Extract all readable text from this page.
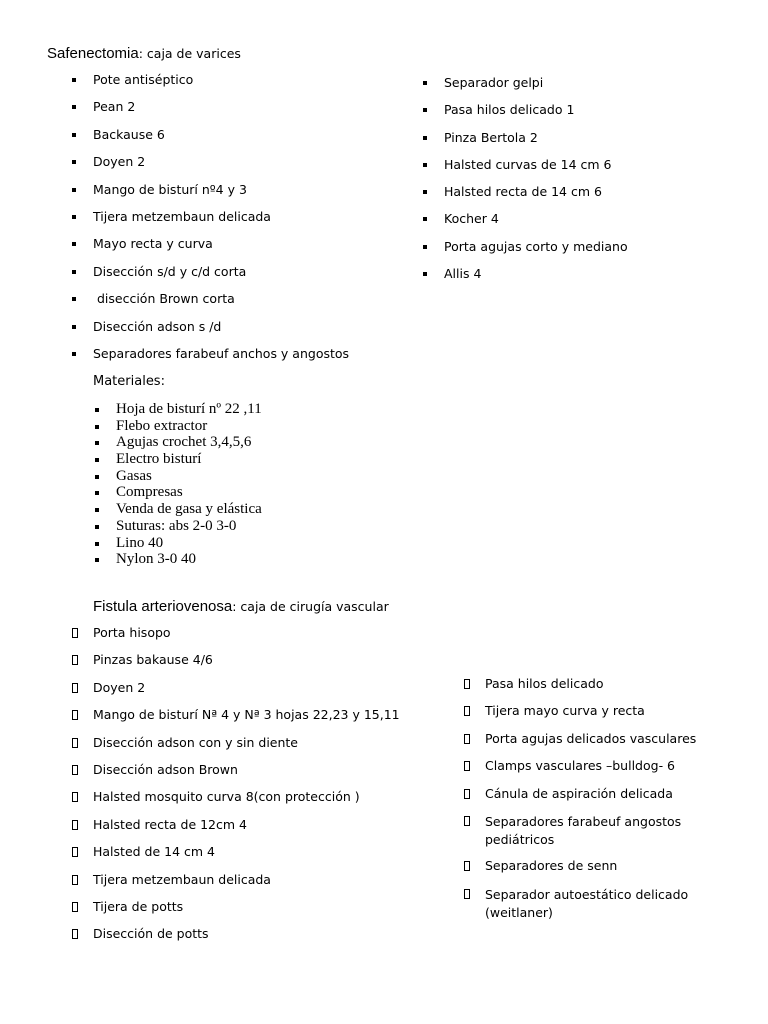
Safenectomia: caja de varices
Pote antiséptico
Pean 2
Backause 6
Doyen 2
Mango de bisturí nº4 y 3
Tijera metzembaun delicada
Mayo recta y curva
Disección s/d y c/d corta
disección Brown corta
Disección adson s /d
Separadores farabeuf anchos y angostos
Separador gelpi
Pasa hilos delicado 1
Pinza Bertola 2
Halsted curvas de 14 cm 6
Halsted recta de 14 cm 6
Kocher 4
Porta agujas corto y mediano
Allis 4
Materiales:
Hoja de bisturí nº 22 ,11
Flebo extractor
Agujas crochet 3,4,5,6
Electro bisturí
Gasas
Compresas
Venda de gasa y elástica
Suturas: abs 2-0 3-0
Lino 40
Nylon 3-0 40
Fistula arteriovenosa: caja de cirugía vascular
Porta hisopo
Pinzas bakause 4/6
Doyen 2
Mango de bisturí Nª 4 y Nª 3 hojas 22,23 y 15,11
Disección adson con y sin diente
Disección adson Brown
Halsted mosquito curva 8(con protección )
Halsted recta de 12cm 4
Halsted de 14 cm 4
Tijera metzembaun delicada
Tijera de potts
Disección de potts
Pasa hilos delicado
Tijera mayo curva y recta
Porta agujas delicados vasculares
Clamps vasculares –bulldog- 6
Cánula de aspiración delicada
Separadores farabeuf angostos pediátricos
Separadores de senn
Separador autoestático delicado (weitlaner)
